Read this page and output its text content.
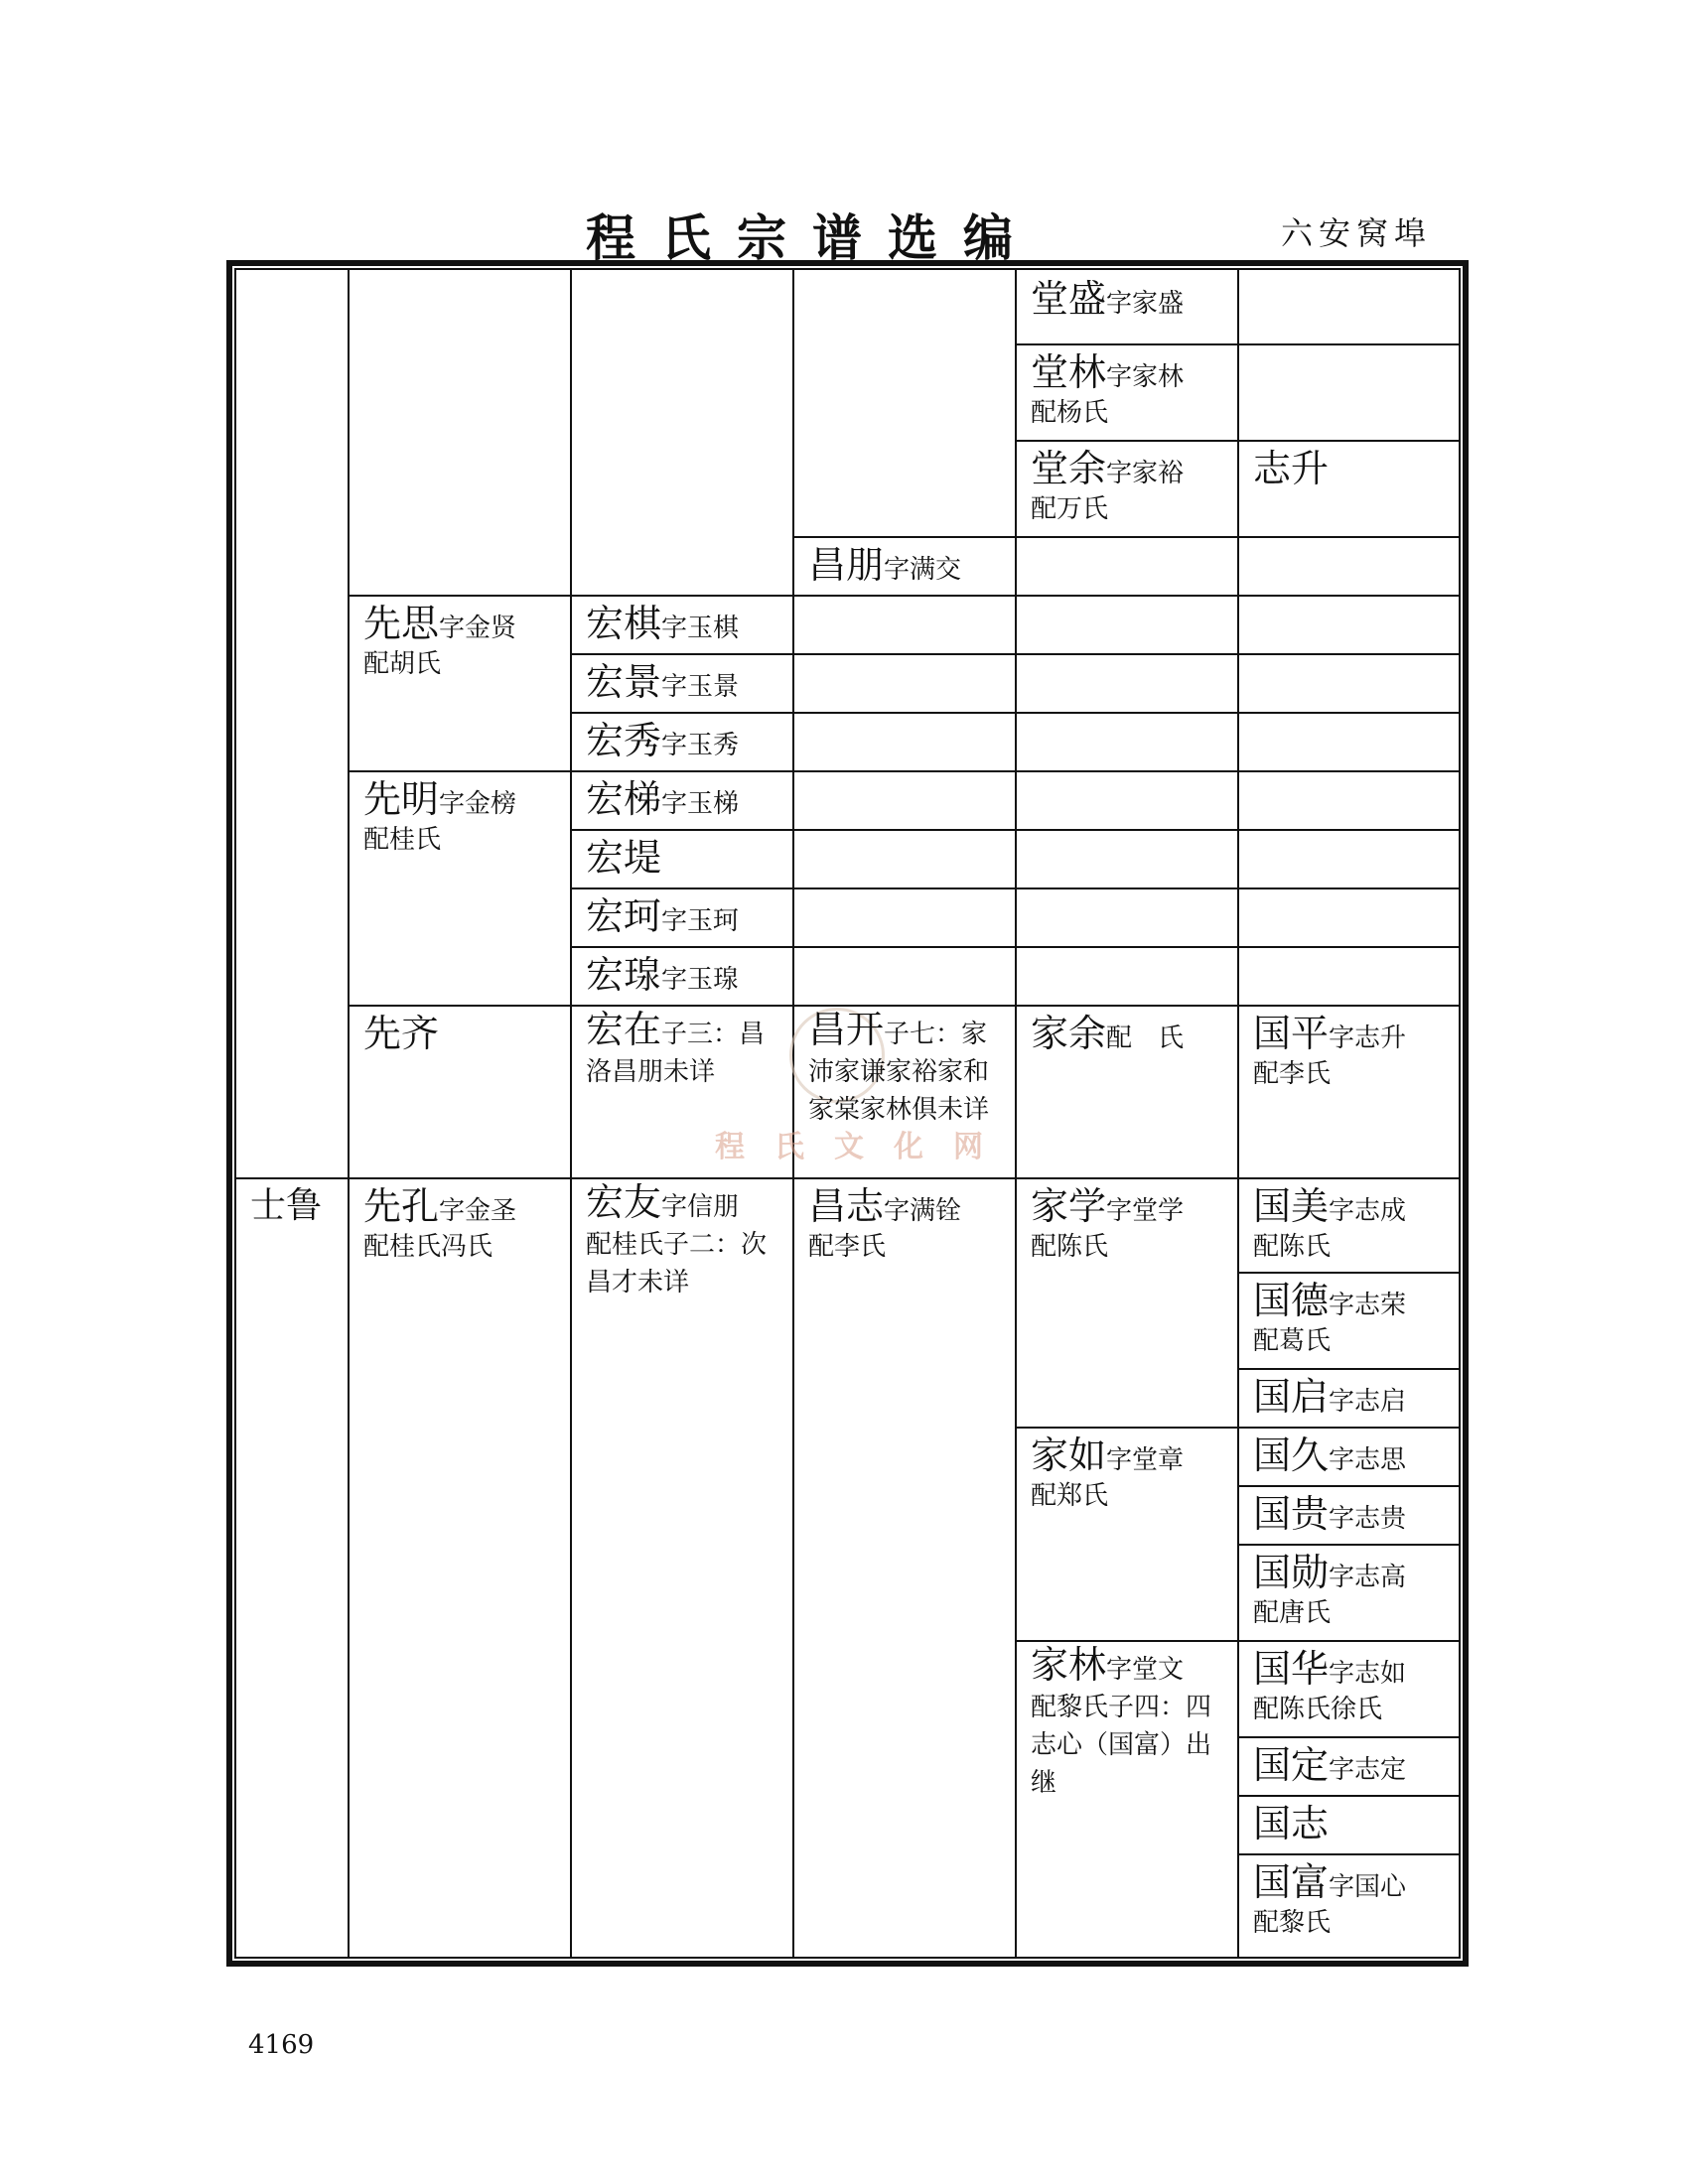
程氏宗谱选编	六安窝埠
程氏文化网
堂盛字家盛
堂林字家林
配杨氏
堂余字家裕
配万氏
志升
昌朋字满交
先思字金贤
配胡氏
宏棋字玉棋
宏景字玉景
宏秀字玉秀
先明字金榜
配桂氏
宏梯字玉梯
宏堤
宏珂字玉珂
宏瑔字玉瑔
先齐	宏在子三：昌洛昌朋未详
昌开子七：家沛家谦家裕家和家棠家林俱未详
家余配　氏 国平字志升
配李氏
士鲁 先孔字金圣
配桂氏冯氏
宏友字信朋
配桂氏子二：次昌才未详
昌志字满铨
配李氏
家学字堂学
配陈氏
国美字志成
配陈氏
国德字志荣
配葛氏
国启字志启
家如字堂章
配郑氏
国久字志思
国贵字志贵
国勋字志高
配唐氏
家林字堂文
配黎氏子四：四志心（国富）出继
国华字志如
配陈氏徐氏
国定字志定
国志
国富字国心
配黎氏
4169
